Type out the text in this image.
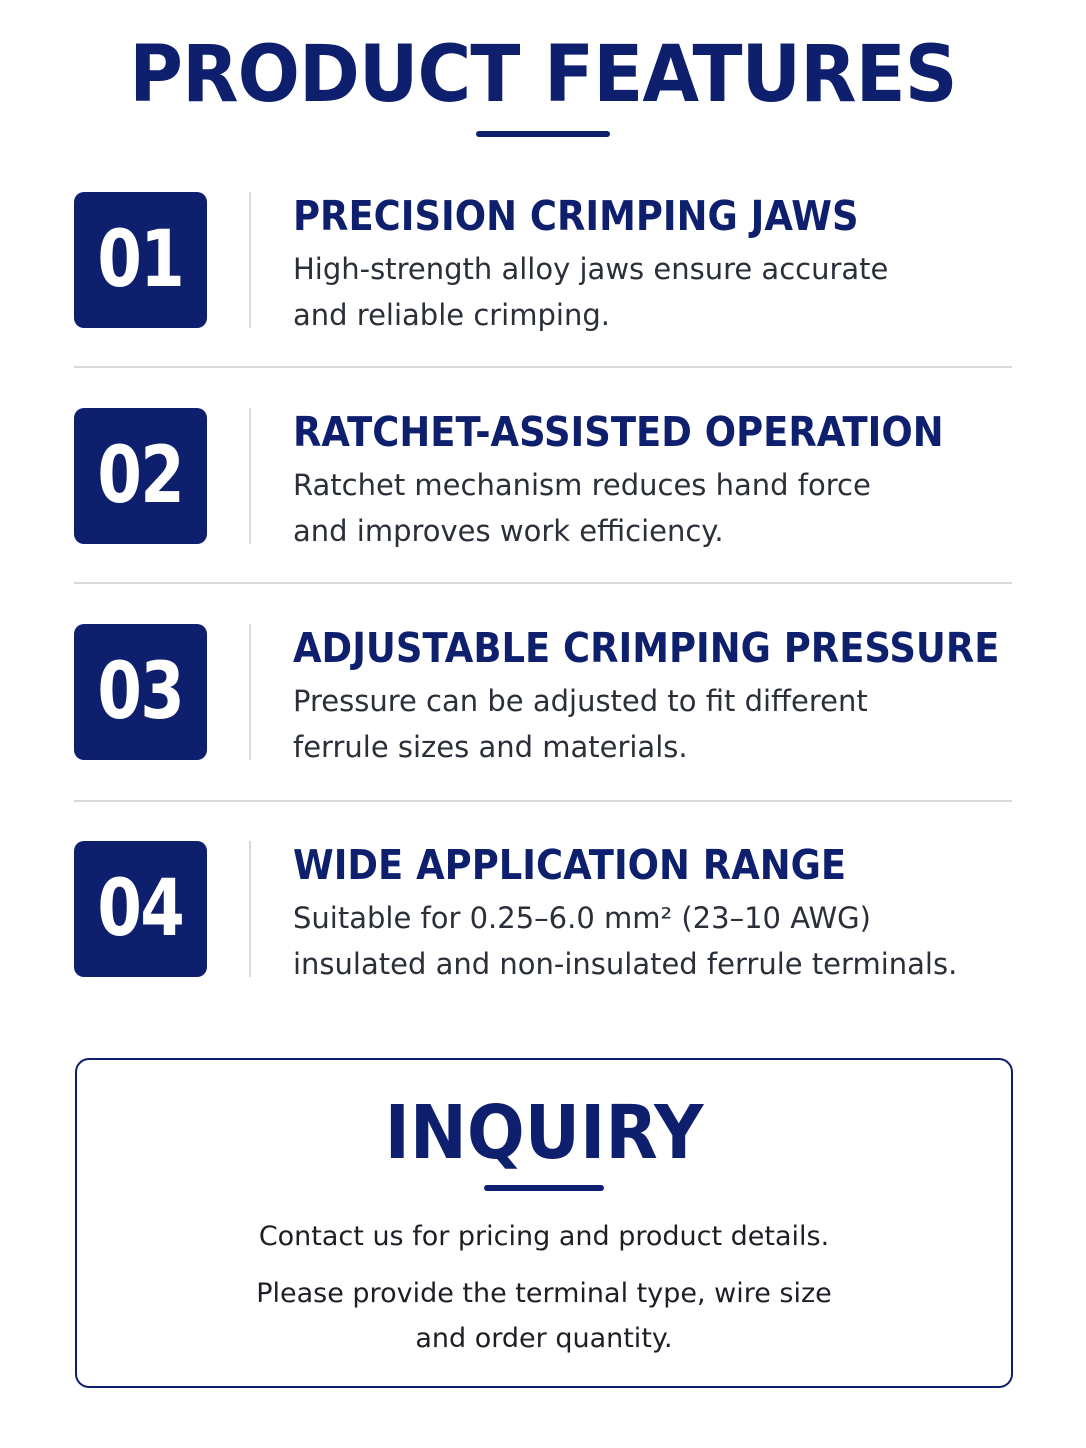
PRODUCT FEATURES
01	PRECISION CRIMPING JAWS
High-strength alloy jaws ensure accurate
and reliable crimping.
02	RATCHET-ASSISTED OPERATION
Ratchet mechanism reduces hand force
and improves work efficiency.
03	ADJUSTABLE CRIMPING PRESSURE
Pressure can be adjusted to fit different
ferrule sizes and materials.
04	WIDE APPLICATION RANGE
Suitable for 0.25–6.0 mm² (23–10 AWG)
insulated and non-insulated ferrule terminals.
INQUIRY
Contact us for pricing and product details.
Please provide the terminal type, wire size
and order quantity.
